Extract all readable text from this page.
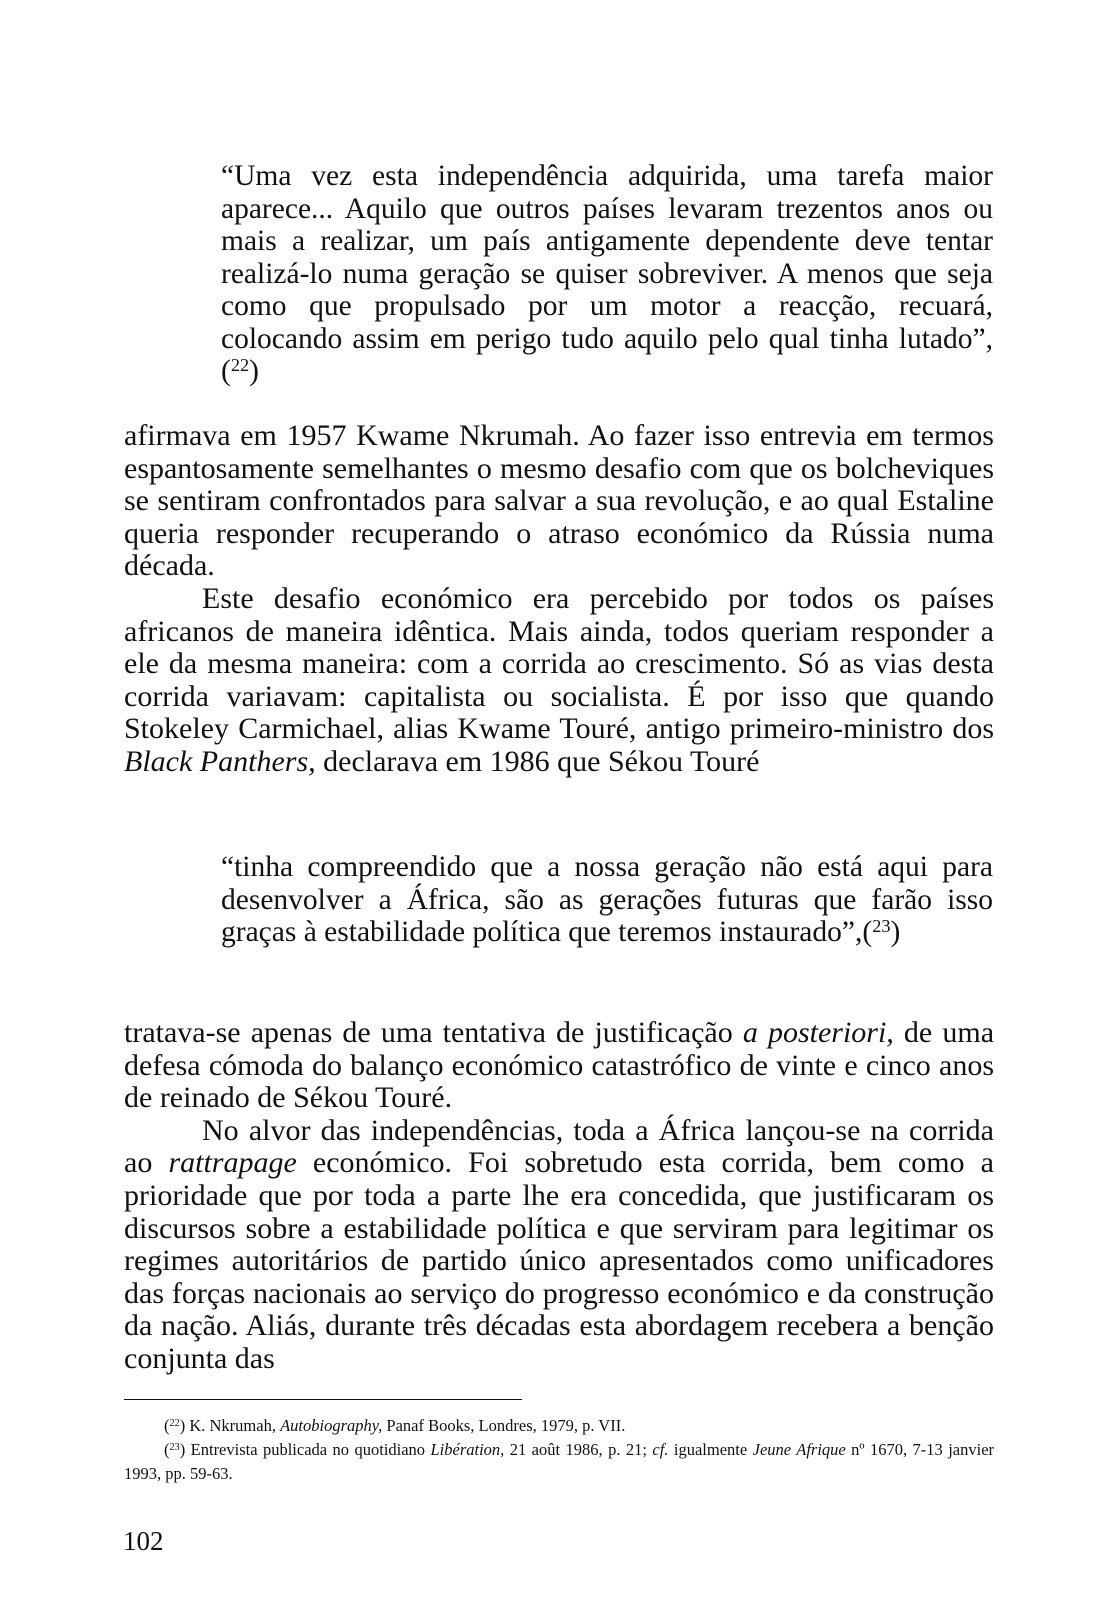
“Uma vez esta independência adquirida, uma tarefa maior aparece... Aquilo que outros países levaram trezentos anos ou mais a realizar, um país antigamente dependente deve tentar realizá-lo numa geração se quiser sobreviver. A menos que seja como que propulsado por um motor a reacção, recuará, colocando assim em perigo tudo aquilo pelo qual tinha lutado”,($^{22}$)

afirmava em 1957 Kwame Nkrumah. Ao fazer isso entrevia em termos espantosamente semelhantes o mesmo desafio com que os bolcheviques se sentiram confrontados para salvar a sua revolução, e ao qual Estaline queria responder recuperando o atraso económico da Rússia numa década.

Este desafio económico era percebido por todos os países africanos de maneira idêntica. Mais ainda, todos queriam responder a ele da mesma maneira: com a corrida ao crescimento. Só as vias desta corrida variavam: capitalista ou socialista. É por isso que quando Stokeley Carmichael, alias Kwame Touré, antigo primeiro-ministro dos Black Panthers, declarava em 1986 que Sékou Touré

“tinha compreendido que a nossa geração não está aqui para desenvolver a África, são as gerações futuras que farão isso graças à estabilidade política que teremos instaurado”,($^{23}$)

tratava-se apenas de uma tentativa de justificação a posteriori, de uma defesa cómoda do balanço económico catastrófico de vinte e cinco anos de reinado de Sékou Touré.

No alvor das independências, toda a África lançou-se na corrida ao rattrapage económico. Foi sobretudo esta corrida, bem como a prioridade que por toda a parte lhe era concedida, que justificaram os discursos sobre a estabilidade política e que serviram para legitimar os regimes autoritários de partido único apresentados como unificadores das forças nacionais ao serviço do progresso económico e da construção da nação. Aliás, durante três décadas esta abordagem recebera a benção conjunta das

($^{22}$) K. Nkrumah, Autobiography, Panaf Books, Londres, 1979, p. VII.

($^{23}$) Entrevista publicada no quotidiano Libération, 21 août 1986, p. 21; cf. igualmente Jeune Afrique nº 1670, 7-13 janvier 1993, pp. 59-63.

102
